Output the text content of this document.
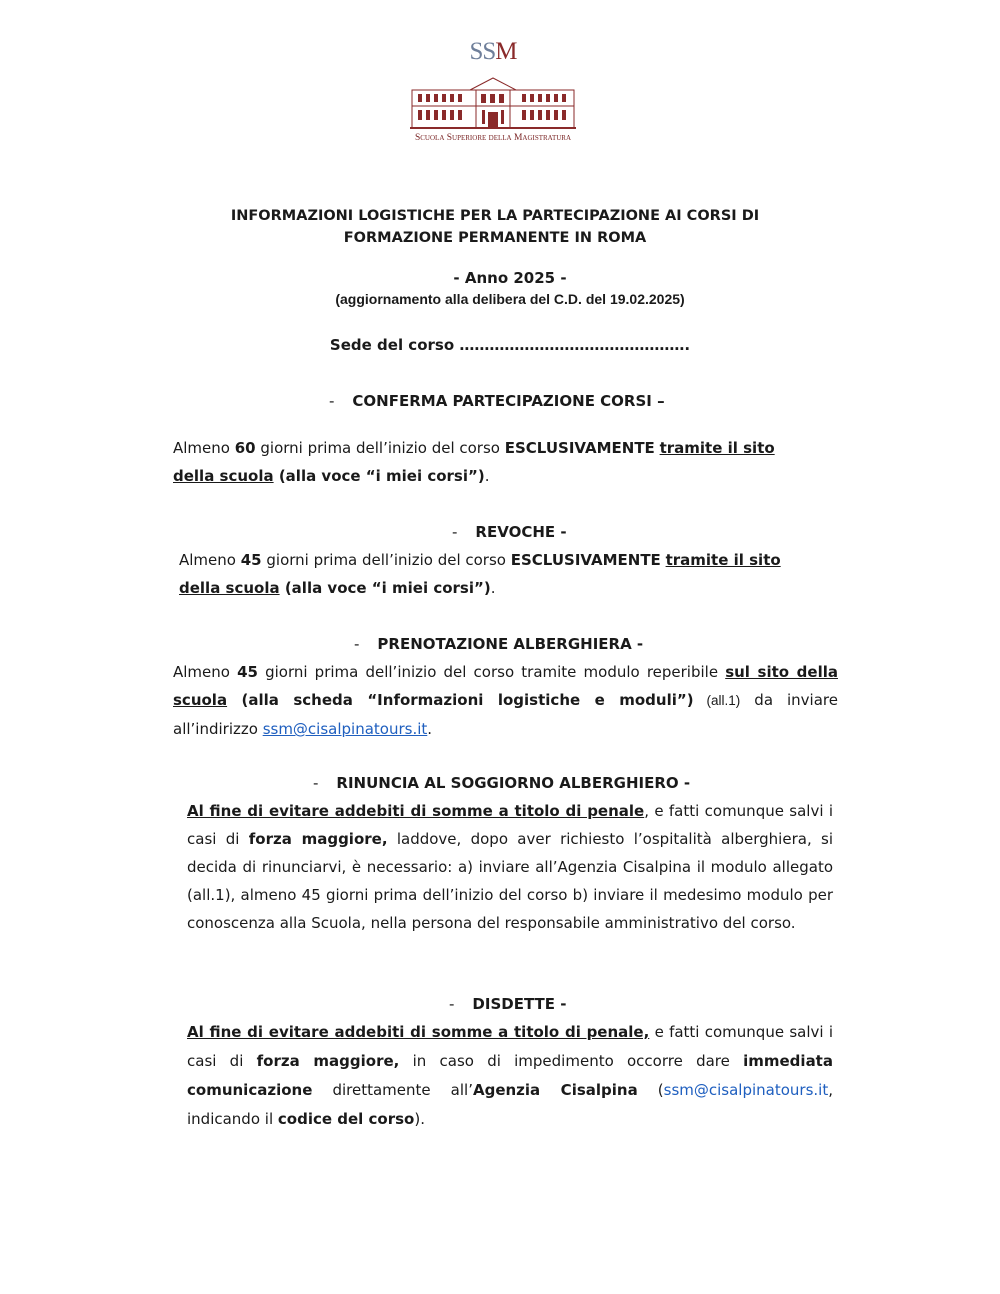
SSM
Scuola Superiore della Magistratura
INFORMAZIONI LOGISTICHE PER LA PARTECIPAZIONE AI CORSI DI
FORMAZIONE PERMANENTE IN ROMA
- Anno 2025 -
(aggiornamento alla delibera del C.D. del 19.02.2025)
Sede del corso ……………………………………….
- CONFERMA PARTECIPAZIONE CORSI –
Almeno 60 giorni prima dell’inizio del corso ESCLUSIVAMENTE tramite il sito
della scuola (alla voce “i miei corsi”).
- REVOCHE -
Almeno 45 giorni prima dell’inizio del corso ESCLUSIVAMENTE tramite il sito
della scuola (alla voce “i miei corsi”).
- PRENOTAZIONE ALBERGHIERA -
Almeno 45 giorni prima dell’inizio del corso tramite modulo reperibile sul sito della scuola (alla scheda “Informazioni logistiche e moduli”) (all.1) da inviare all’indirizzo ssm@cisalpinatours.it.
- RINUNCIA AL SOGGIORNO ALBERGHIERO -
Al fine di evitare addebiti di somme a titolo di penale, e fatti comunque salvi i casi di forza maggiore, laddove, dopo aver richiesto l’ospitalità alberghiera, si decida di rinunciarvi, è necessario: a) inviare all’Agenzia Cisalpina il modulo allegato (all.1), almeno 45 giorni prima dell’inizio del corso b) inviare il medesimo modulo per conoscenza alla Scuola, nella persona del responsabile amministrativo del corso.
- DISDETTE -
Al fine di evitare addebiti di somme a titolo di penale, e fatti comunque salvi i casi di forza maggiore, in caso di impedimento occorre dare immediata comunicazione direttamente all’Agenzia Cisalpina (ssm@cisalpinatours.it, indicando il codice del corso).
